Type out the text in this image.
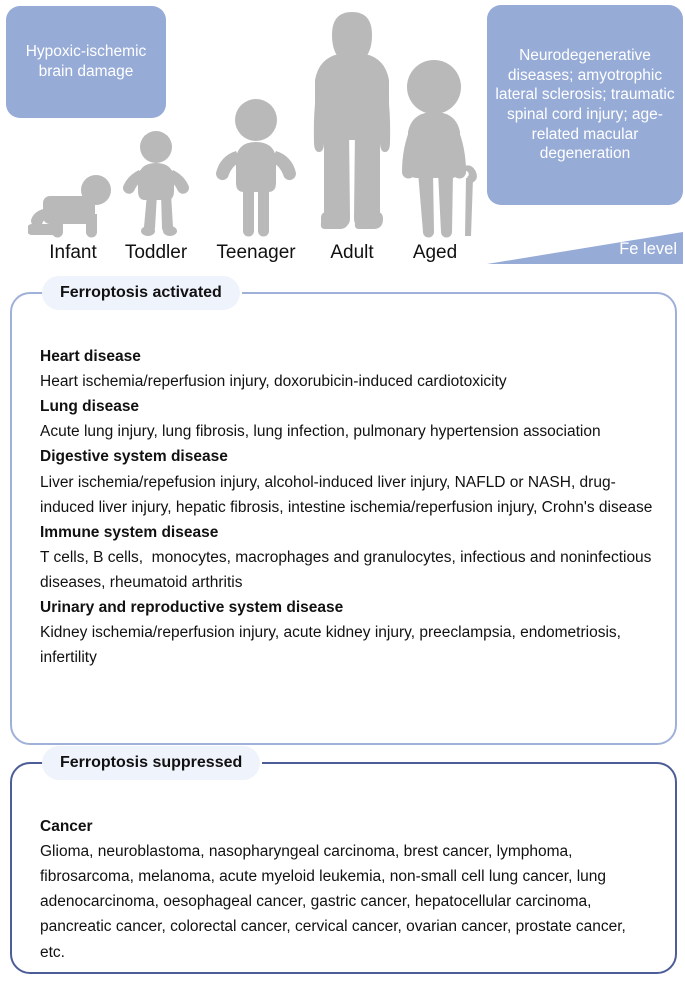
Hypoxic-ischemic brain damage
Neurodegenerative diseases; amyotrophic lateral sclerosis; traumatic spinal cord injury; age-related macular degeneration
Infant	Toddler	Teenager	Adult	Aged	Fe level
Ferroptosis activated
Heart disease
Heart ischemia/reperfusion injury, doxorubicin-induced cardiotoxicity
Lung disease
Acute lung injury, lung fibrosis, lung infection, pulmonary hypertension association
Digestive system disease
Liver ischemia/repefusion injury, alcohol-induced liver injury, NAFLD or NASH, drug-induced liver injury, hepatic fibrosis, intestine ischemia/reperfusion injury, Crohn's disease
Immune system disease
T cells, B cells,  monocytes, macrophages and granulocytes, infectious and noninfectious diseases, rheumatoid arthritis
Urinary and reproductive system disease
Kidney ischemia/reperfusion injury, acute kidney injury, preeclampsia, endometriosis, infertility
Ferroptosis suppressed
Cancer
Glioma, neuroblastoma, nasopharyngeal carcinoma, brest cancer, lymphoma, fibrosarcoma, melanoma, acute myeloid leukemia, non-small cell lung cancer, lung adenocarcinoma, oesophageal cancer, gastric cancer, hepatocellular carcinoma, pancreatic cancer, colorectal cancer, cervical cancer, ovarian cancer, prostate cancer, etc.
